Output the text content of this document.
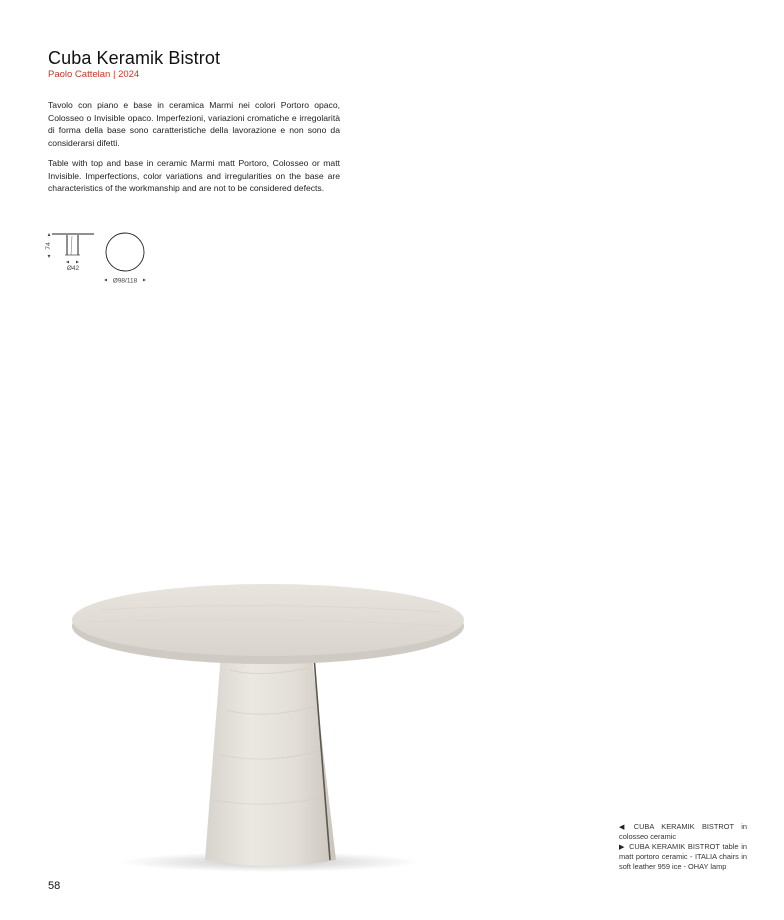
Cuba Keramik Bistrot

Paolo Cattelan | 2024

Tavolo con piano e base in ceramica Marmi nei colori Portoro opaco, Colosseo o Invisible opaco. Imperfezioni, variazioni cromatiche e irregolarità di forma della base sono caratteristiche della lavorazione e non sono da considerarsi difetti.

Table with top and base in ceramic Marmi matt Portoro, Colosseo or matt Invisible. Imperfections, color variations and irregularities on the base are characteristics of the workmanship and are not to be considered defects.

74
Ø42
Ø98/118

◀ CUBA KERAMIK BISTROT in colosseo ceramic
▶ CUBA KERAMIK BISTROT table in matt portoro ceramic - ITALIA chairs in soft leather 959 ice - OHAY lamp

58
